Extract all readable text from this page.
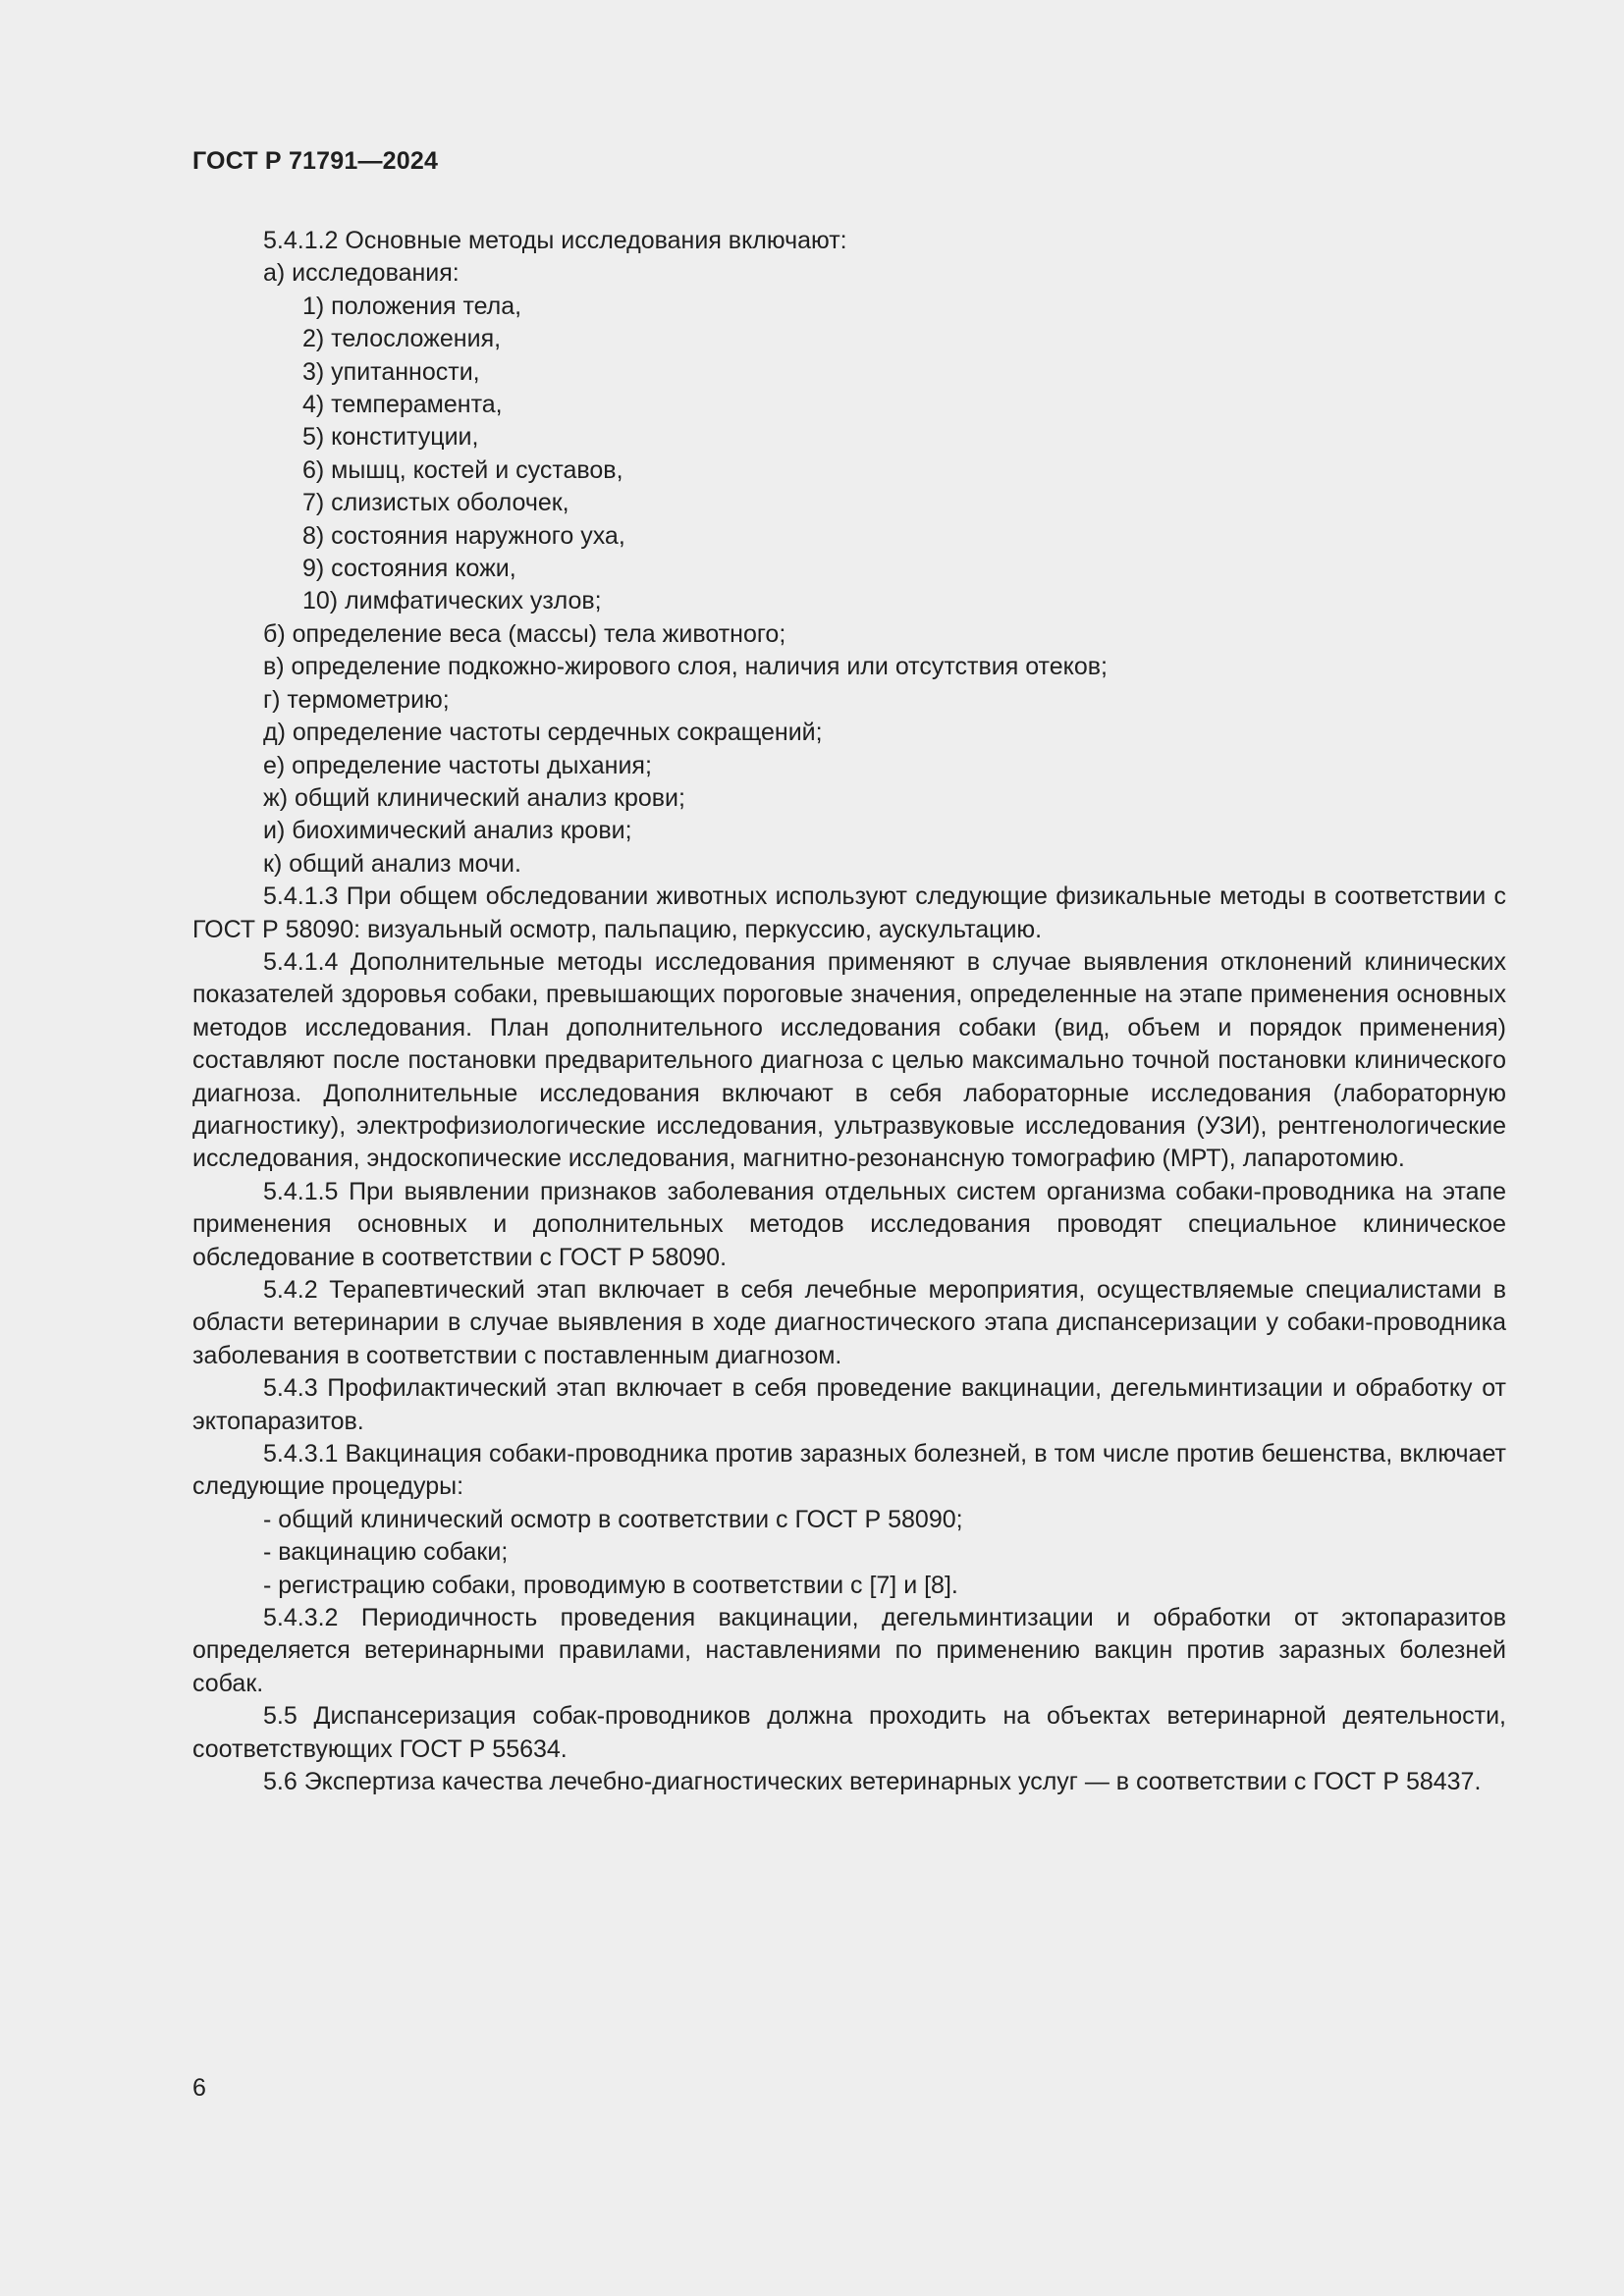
ГОСТ Р 71791—2024

5.4.1.2 Основные методы исследования включают:

а) исследования:

1) положения тела,

2) телосложения,

3) упитанности,

4) темперамента,

5) конституции,

6) мышц, костей и суставов,

7) слизистых оболочек,

8) состояния наружного уха,

9) состояния кожи,

10) лимфатических узлов;

б) определение веса (массы) тела животного;

в) определение подкожно-жирового слоя, наличия или отсутствия отеков;

г) термометрию;

д) определение частоты сердечных сокращений;

е) определение частоты дыхания;

ж) общий клинический анализ крови;

и) биохимический анализ крови;

к) общий анализ мочи.

5.4.1.3 При общем обследовании животных используют следующие физикальные методы в соответствии с ГОСТ Р 58090: визуальный осмотр, пальпацию, перкуссию, аускультацию.

5.4.1.4 Дополнительные методы исследования применяют в случае выявления отклонений клинических показателей здоровья собаки, превышающих пороговые значения, определенные на этапе применения основных методов исследования. План дополнительного исследования собаки (вид, объем и порядок применения) составляют после постановки предварительного диагноза с целью максимально точной постановки клинического диагноза. Дополнительные исследования включают в себя лабораторные исследования (лабораторную диагностику), электрофизиологические исследования, ультразвуковые исследования (УЗИ), рентгенологические исследования, эндоскопические исследования, магнитно-резонансную томографию (МРТ), лапаротомию.

5.4.1.5 При выявлении признаков заболевания отдельных систем организма собаки-проводника на этапе применения основных и дополнительных методов исследования проводят специальное клиническое обследование в соответствии с ГОСТ Р 58090.

5.4.2 Терапевтический этап включает в себя лечебные мероприятия, осуществляемые специалистами в области ветеринарии в случае выявления в ходе диагностического этапа диспансеризации у собаки-проводника заболевания в соответствии с поставленным диагнозом.

5.4.3 Профилактический этап включает в себя проведение вакцинации, дегельминтизации и обработку от эктопаразитов.

5.4.3.1 Вакцинация собаки-проводника против заразных болезней, в том числе против бешенства, включает следующие процедуры:

- общий клинический осмотр в соответствии с ГОСТ Р 58090;

- вакцинацию собаки;

- регистрацию собаки, проводимую в соответствии с [7] и [8].

5.4.3.2 Периодичность проведения вакцинации, дегельминтизации и обработки от эктопаразитов определяется ветеринарными правилами, наставлениями по применению вакцин против заразных болезней собак.

5.5 Диспансеризация собак-проводников должна проходить на объектах ветеринарной деятельности, соответствующих ГОСТ Р 55634.

5.6 Экспертиза качества лечебно-диагностических ветеринарных услуг — в соответствии с ГОСТ Р 58437.

6
